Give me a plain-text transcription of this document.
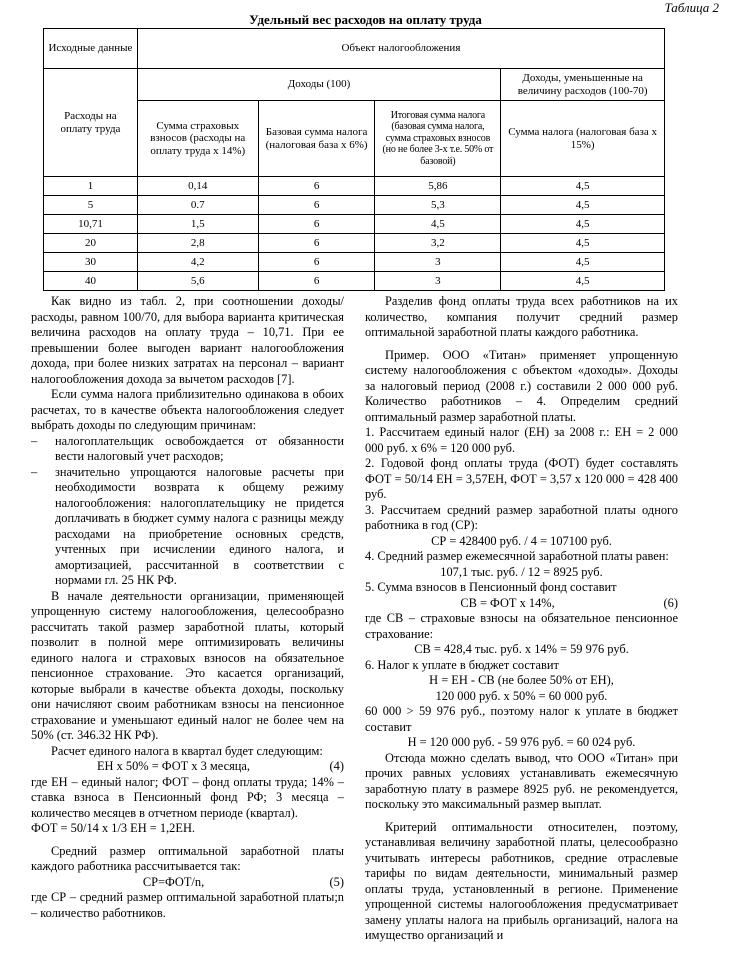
Таблица 2
Удельный вес расходов на оплату труда
Исходные данные	Объект налогообложения			
Расходы на оплату труда	Доходы (100)			Доходы, уменьшенные на величину расходов (100-70)
	Сумма страховых взносов (расходы на оплату труда х 14%)	Базовая сумма налога (налоговая база х 6%)	Итоговая сумма налога (базовая сумма налога, сумма страховых взносов (но не более 3-х т.е. 50% от базовой)	Сумма налога (налоговая база х 15%)
1	0,14	6	5,86	4,5
5	0.7	6	5,3	4,5
10,71	1,5	6	4,5	4,5
20	2,8	6	3,2	4,5
30	4,2	6	3	4,5
40	5,6	6	3	4,5

Как видно из табл. 2, при соотношении доходы/расходы, равном 100/70, для выбора варианта критическая величина расходов на оплату труда – 10,71. При ее превышении более выгоден вариант налогообложения дохода, при более низких затратах на персонал – вариант налогообложения дохода за вычетом расходов [7].

Если сумма налога приблизительно одинакова в обоих расчетах, то в качестве объекта налогообложения следует выбрать доходы по следующим причинам:

–	налогоплательщик освобождается от обязанности вести налоговый учет расходов;
–	значительно упрощаются налоговые расчеты при необходимости возврата к общему режиму налогообложения: налогоплательщику не придется доплачивать в бюджет сумму налога с разницы между расходами на приобретение основных средств, учтенных при исчислении единого налога, и амортизацией, рассчитанной в соответствии с нормами гл. 25 НК РФ.

В начале деятельности организации, применяющей упрощенную систему налогообложения, целесообразно рассчитать такой размер заработной платы, который позволит в полной мере оптимизировать величины единого налога и страховых взносов на обязательное пенсионное страхование. Это касается организаций, которые выбрали в качестве объекта доходы, поскольку они начисляют своим работникам взносы на пенсионное страхование и уменьшают единый налог не более чем на 50% (ст. 346.32 НК РФ).

Расчет единого налога в квартал будет следующим:

ЕН х 50% = ФОТ х 3 месяца,	(4)

где ЕН – единый налог; ФОТ – фонд оплаты труда; 14% – ставка взноса в Пенсионный фонд РФ; 3 месяца – количество месяцев в отчетном периоде (квартал).

ФОТ = 50/14 х 1/3 ЕН = 1,2ЕН.

Средний размер оптимальной заработной платы каждого работника рассчитывается так:

СР=ФОТ/n,	(5)

где СР – средний размер оптимальной заработной платы;n – количество работников.

Разделив фонд оплаты труда всех работников на их количество, компания получит средний размер оптимальной заработной платы каждого работника.

Пример. ООО «Титан» применяет упрощенную систему налогообложения с объектом «доходы». Доходы за налоговый период (2008 г.) составили 2 000 000 руб. Количество работников – 4. Определим средний оптимальный размер заработной платы.

1. Рассчитаем единый налог (ЕН) за 2008 г.: ЕН = 2 000 000 руб. х 6% = 120 000 руб.

2. Годовой фонд оплаты труда (ФОТ) будет составлять ФОТ = 50/14 ЕН = 3,57ЕН, ФОТ = 3,57 х 120 000 = 428 400 руб.

3. Рассчитаем средний размер заработной платы одного работника в год (СР):

СР = 428400 руб. / 4 = 107100 руб.

4. Средний размер ежемесячной заработной платы равен:

107,1 тыс. руб. / 12 = 8925 руб.

5. Сумма взносов в Пенсионный фонд составит

СВ = ФОТ х 14%,	(6)

где СВ – страховые взносы на обязательное пенсионное страхование:

СВ = 428,4 тыс. руб. х 14% = 59 976 руб.

6. Налог к уплате в бюджет составит

Н = ЕН - СВ (не более 50% от ЕН),

120 000 руб. х 50% = 60 000 руб.

60 000 > 59 976 руб., поэтому налог к уплате в бюджет составит

Н = 120 000 руб. - 59 976 руб. = 60 024 руб.

Отсюда можно сделать вывод, что ООО «Титан» при прочих равных условиях устанавливать ежемесячную заработную плату в размере 8925 руб. не рекомендуется, поскольку это максимальный размер выплат.

Критерий оптимальности относителен, поэтому, устанавливая величину заработной платы, целесообразно учитывать интересы работников, средние отраслевые тарифы по видам деятельности, минимальный размер оплаты труда, установленный в регионе. Применение упрощенной системы налогообложения предусматривает замену уплаты налога на прибыль организаций, налога на имущество организаций и
